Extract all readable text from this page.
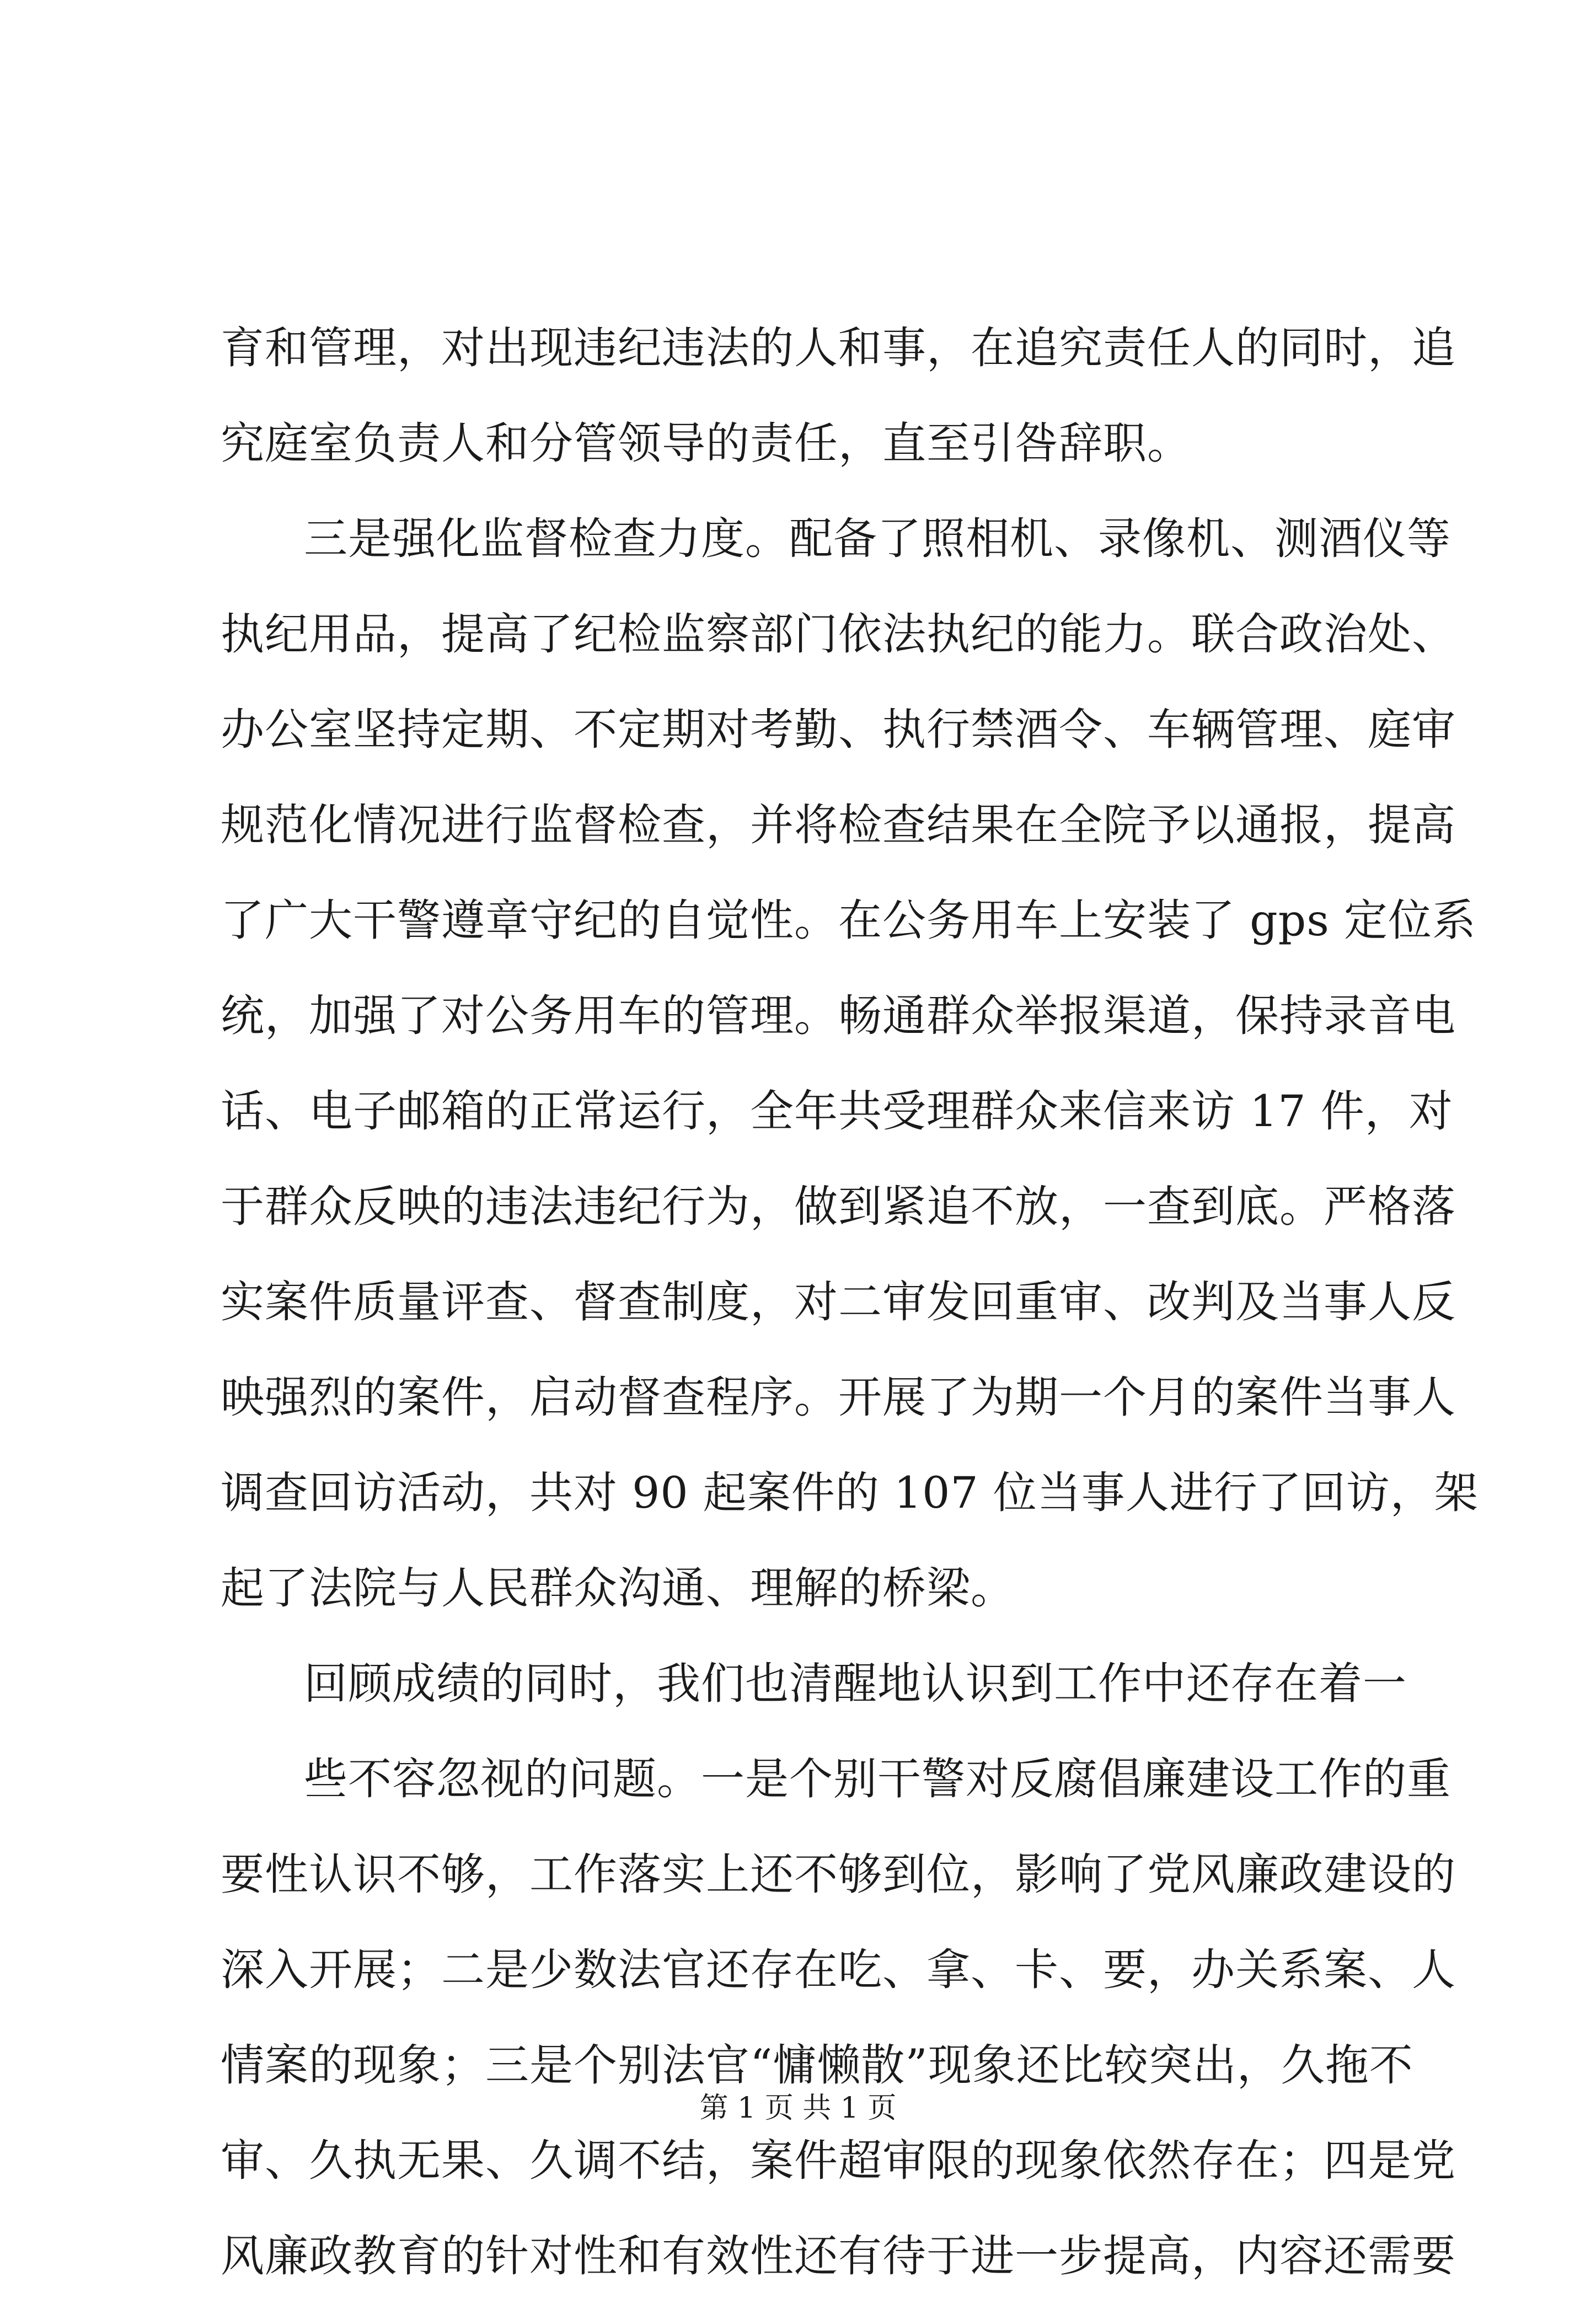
育和管理，对出现违纪违法的人和事，在追究责任人的同时，追
究庭室负责人和分管领导的责任，直至引咎辞职。
三是强化监督检查力度。配备了照相机、录像机、测酒仪等
执纪用品，提高了纪检监察部门依法执纪的能力。联合政治处、
办公室坚持定期、不定期对考勤、执行禁酒令、车辆管理、庭审
规范化情况进行监督检查，并将检查结果在全院予以通报，提高
了广大干警遵章守纪的自觉性。在公务用车上安装了 gps 定位系
统，加强了对公务用车的管理。畅通群众举报渠道，保持录音电
话、电子邮箱的正常运行，全年共受理群众来信来访 17 件，对
于群众反映的违法违纪行为，做到紧追不放，一查到底。严格落
实案件质量评查、督查制度，对二审发回重审、改判及当事人反
映强烈的案件，启动督查程序。开展了为期一个月的案件当事人
调查回访活动，共对 90 起案件的 107 位当事人进行了回访，架
起了法院与人民群众沟通、理解的桥梁。
回顾成绩的同时，我们也清醒地认识到工作中还存在着一
些不容忽视的问题。一是个别干警对反腐倡廉建设工作的重
要性认识不够，工作落实上还不够到位，影响了党风廉政建设的
深入开展；二是少数法官还存在吃、拿、卡、要，办关系案、人
情案的现象；三是个别法官“慵懒散”现象还比较突出，久拖不
审、久执无果、久调不结，案件超审限的现象依然存在；四是党
风廉政教育的针对性和有效性还有待于进一步提高，内容还需要
第 1 页 共 1 页
